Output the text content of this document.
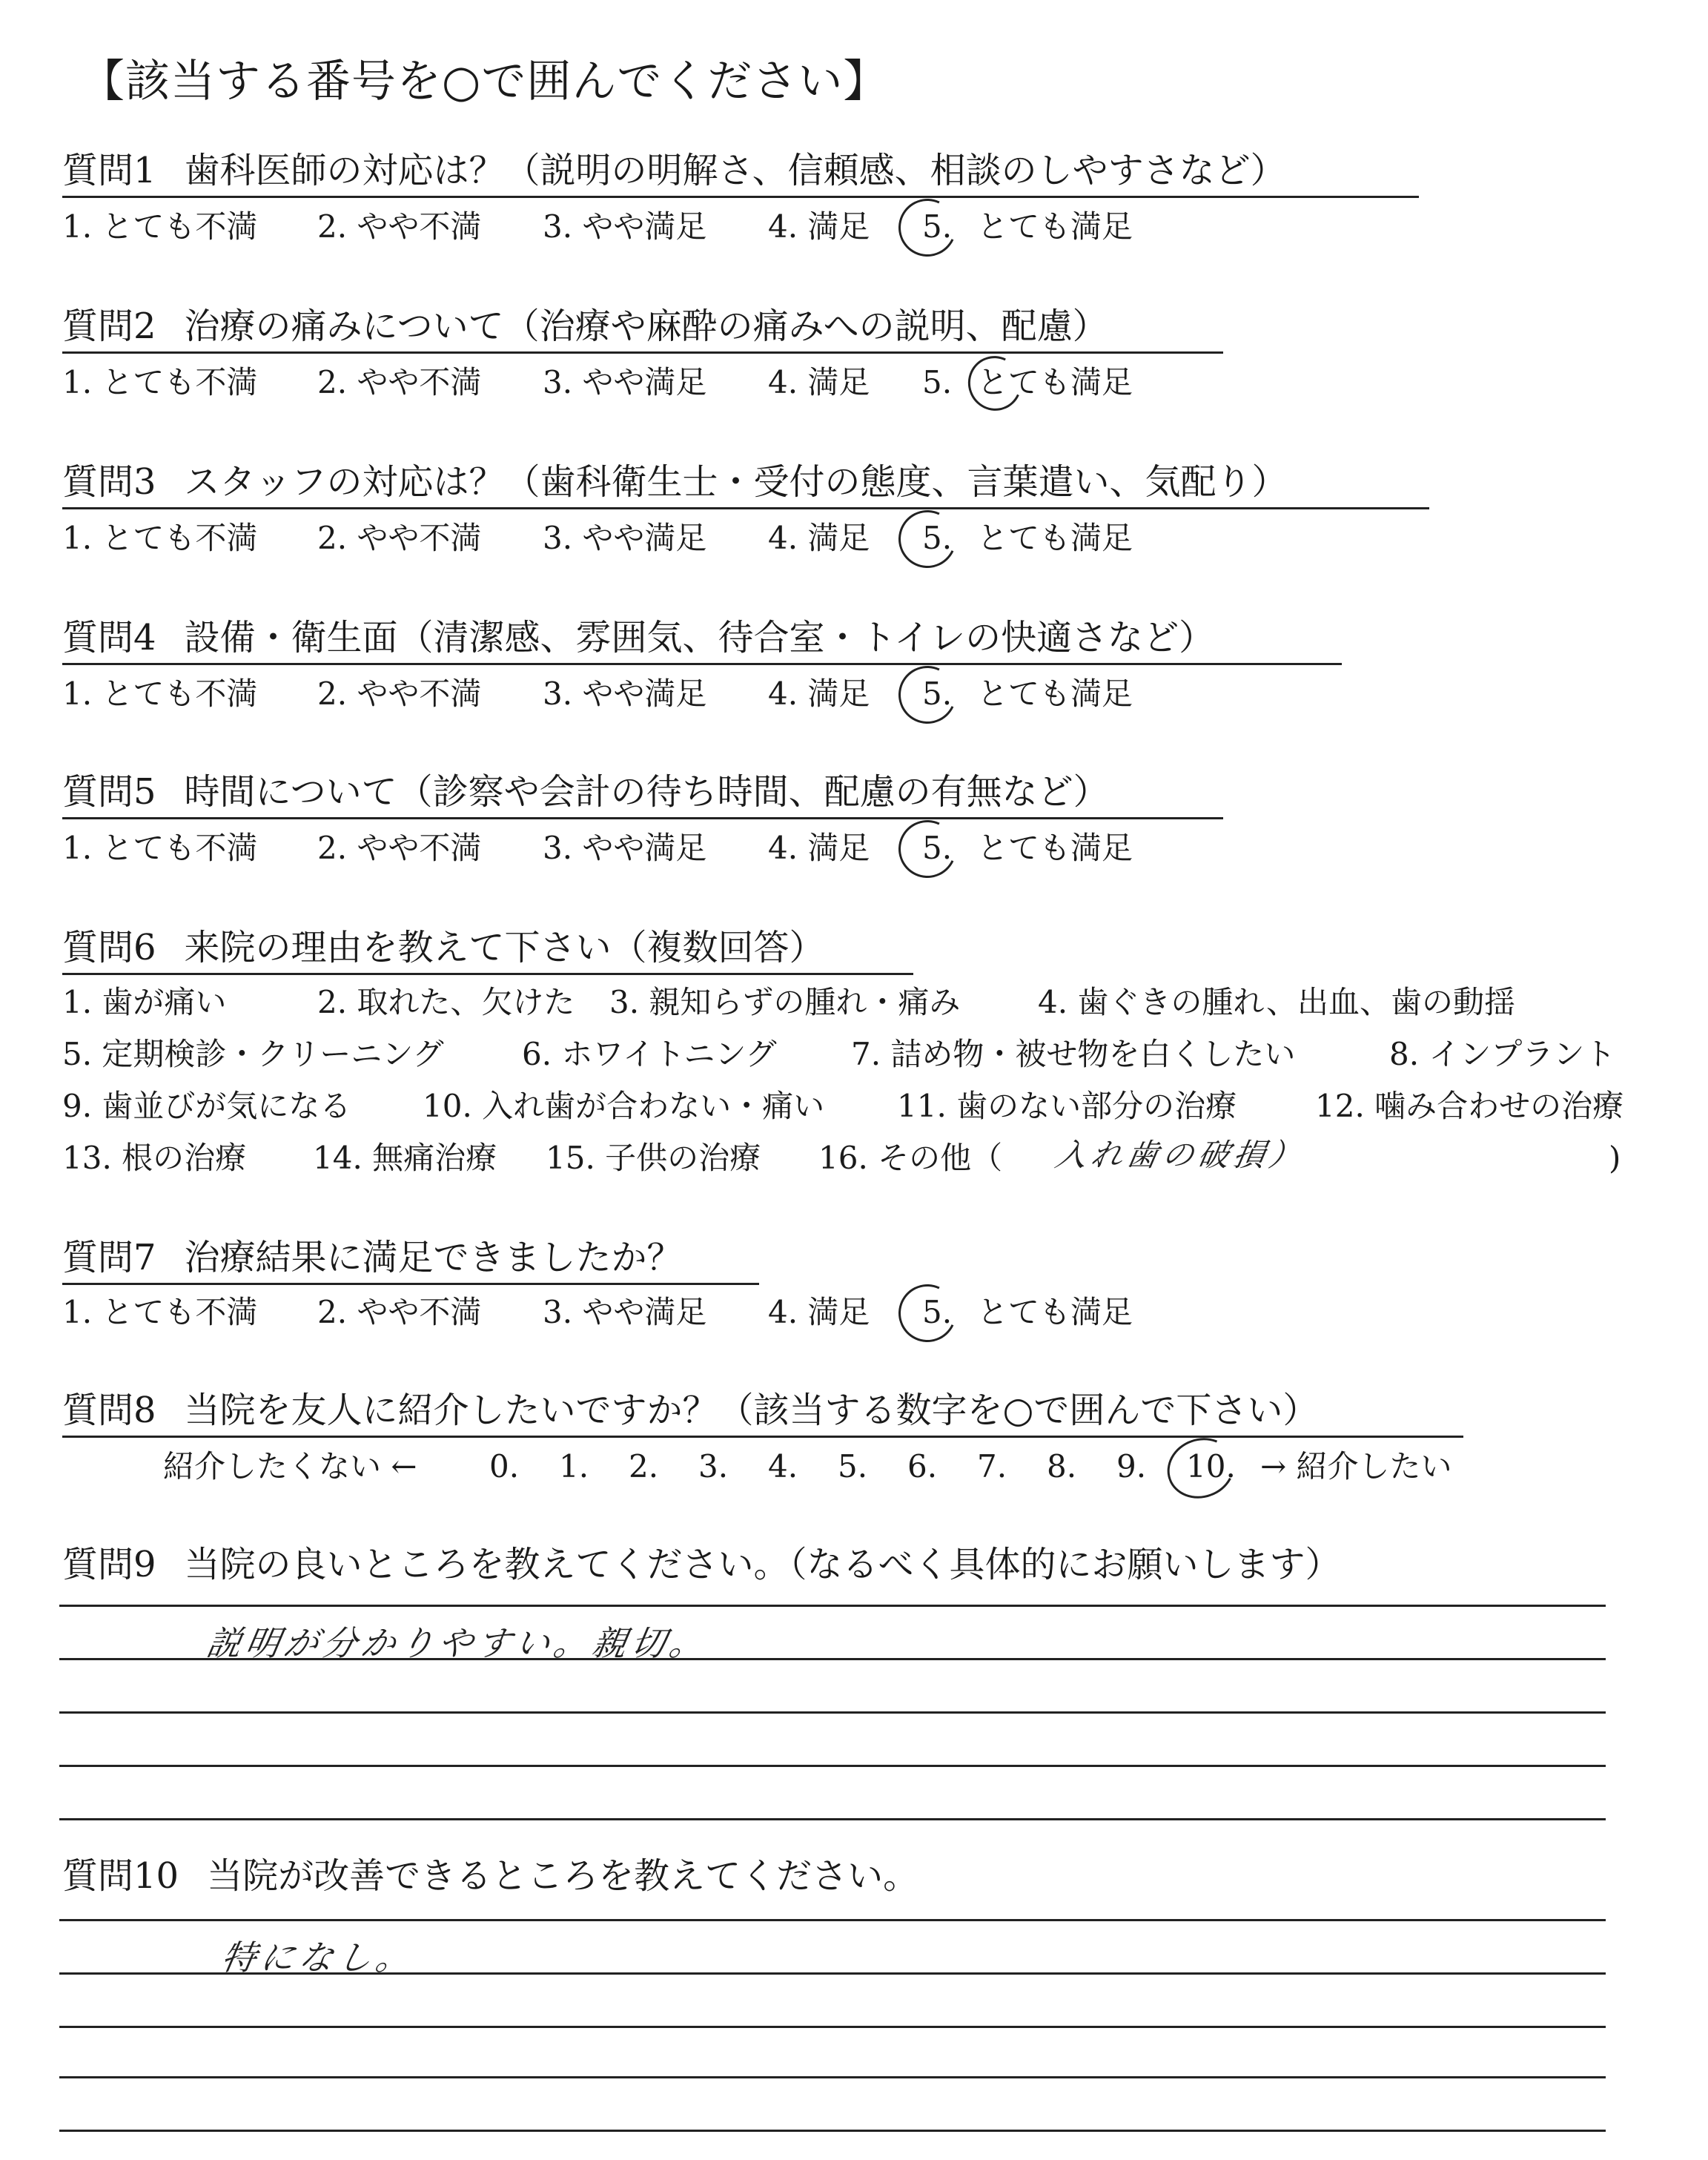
【該当する番号を○で囲んでください】
質問1 歯科医師の対応は？（説明の明解さ、信頼感、相談のしやすさなど）
1. とても不満 2. やや不満 3. やや満足 4. 満足 5. とても満足
質問2 治療の痛みについて（治療や麻酔の痛みへの説明、配慮）
1. とても不満 2. やや不満 3. やや満足 4. 満足 5. とても満足
質問3 スタッフの対応は？（歯科衛生士・受付の態度、言葉遣い、気配り）
1. とても不満 2. やや不満 3. やや満足 4. 満足 5. とても満足
質問4 設備・衛生面（清潔感、雰囲気、待合室・トイレの快適さなど）
1. とても不満 2. やや不満 3. やや満足 4. 満足 5. とても満足
質問5 時間について（診察や会計の待ち時間、配慮の有無など）
1. とても不満 2. やや不満 3. やや満足 4. 満足 5. とても満足
質問6 来院の理由を教えて下さい（複数回答）
1. 歯が痛い	2. 取れた、欠けた 3. 親知らずの腫れ・痛み 4. 歯ぐきの腫れ、出血、歯の動揺
5. 定期検診・クリーニング	6. ホワイトニング 7. 詰め物・被せ物を白くしたい	8. インプラント
9. 歯並びが気になる 10. 入れ歯が合わない・痛い 11. 歯のない部分の治療	12. 噛み合わせの治療
13. 根の治療 14. 無痛治療 15. 子供の治療 16. その他（ 入れ歯の破損）	)
質問7 治療結果に満足できましたか？
1. とても不満 2. やや不満 3. やや満足 4. 満足 5. とても満足
質問8 当院を友人に紹介したいですか？（該当する数字を○で囲んで下さい）
紹介したくない ← 0. 1. 2. 3. 4. 5. 6. 7. 8. 9. 10. → 紹介したい
質問9 当院の良いところを教えてください。（なるべく具体的にお願いします）
説明が分かりやすい。親切。
質問10 当院が改善できるところを教えてください。
特になし。
